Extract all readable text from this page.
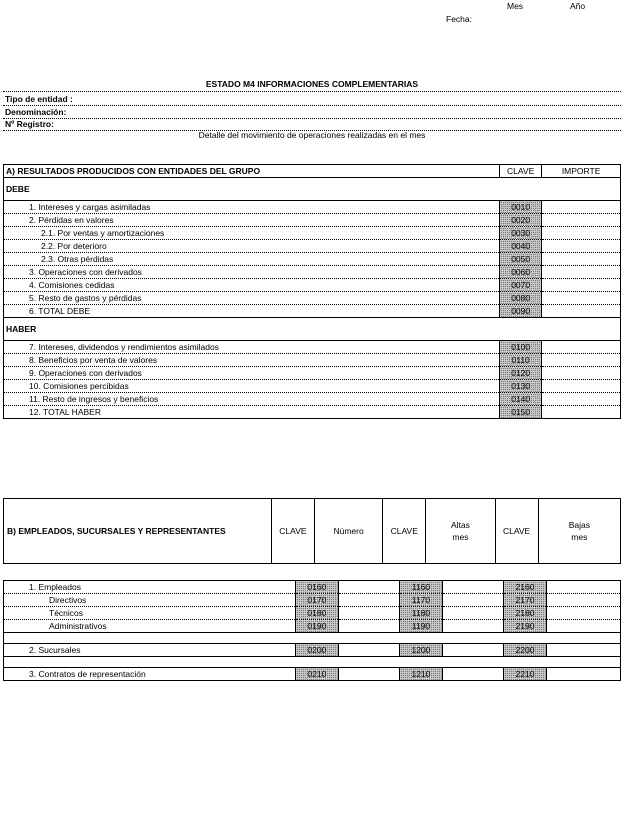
Mes	Año
Fecha:
ESTADO M4 INFORMACIONES COMPLEMENTARIAS
Tipo de entidad :
Denominación:
Nº Registro:
Detalle del movimiento de operaciones realizadas en el mes
A) RESULTADOS PRODUCIDOS CON ENTIDADES DEL GRUPO	CLAVE	IMPORTE
DEBE		
1. Intereses y cargas asimiladas	0010	
2. Pérdidas en valores	0020	
2.1. Por ventas y amortizaciones	0030	
2.2. Por deterioro	0040	
2.3. Otras pérdidas	0050	
3. Operaciones con derivados	0060	
4. Comisiones cedidas	0070	
5. Resto de gastos y pérdidas	0080	
6. TOTAL DEBE	0090	
HABER		
7. Intereses, dividendos y rendimientos asimilados	0100	
8. Beneficios por venta de valores	0110	
9. Operaciones con derivados	0120	
10. Comisiones percibidas	0130	
11. Resto de ingresos y beneficios	0140	
12. TOTAL HABER	0150	
B) EMPLEADOS, SUCURSALES Y REPRESENTANTES	CLAVE	Número	CLAVE	Altas mes	CLAVE	Bajas mes
1. Empleados	0160		1160		2160	
Directivos	0170		1170		2170	
Técnicos	0180		1180		2180	
Administrativos	0190		1190		2190	

2. Sucursales	0200		1200		2200	

3. Contratos de representación	0210		1210		2210	
